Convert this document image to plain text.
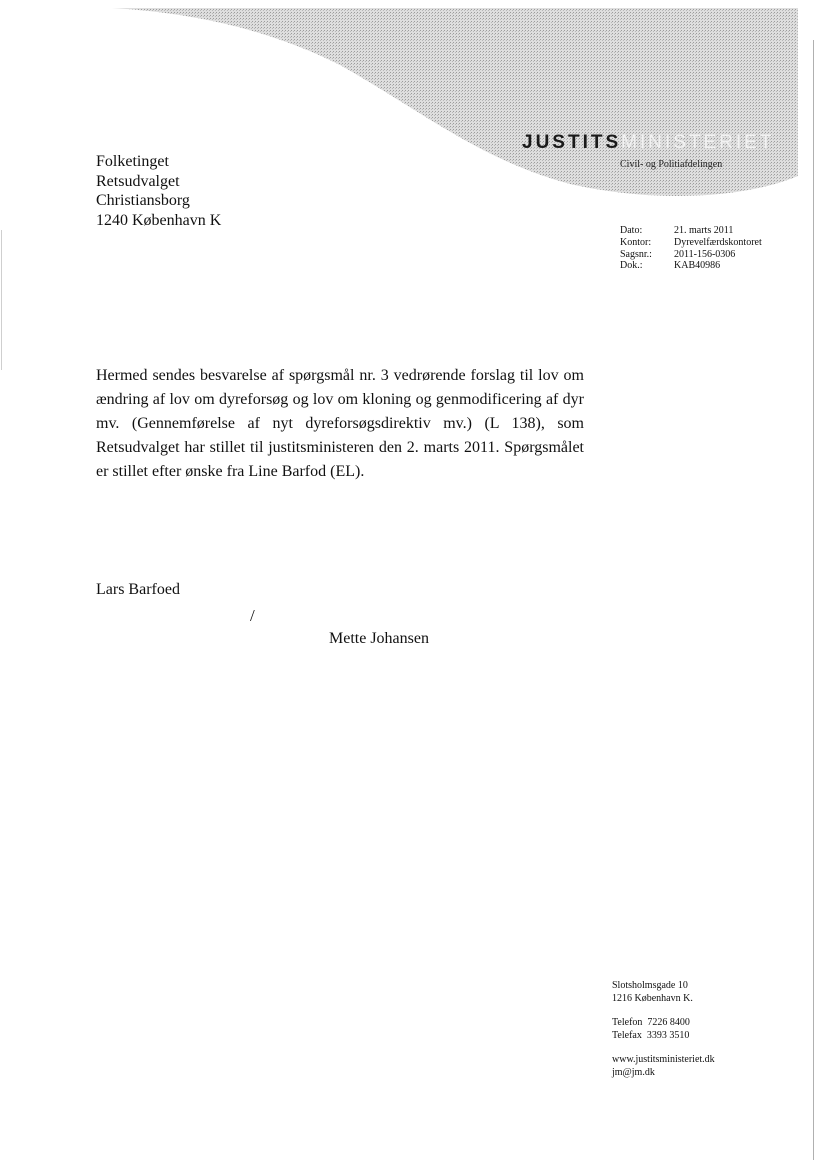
JUSTITSMINISTERIET
Civil- og Politiafdelingen
Folketinget
Retsudvalget
Christiansborg
1240 København K
Dato:	21. marts 2011
Kontor:	Dyrevelfærdskontoret
Sagsnr.:	2011-156-0306
Dok.:	KAB40986
Hermed sendes besvarelse af spørgsmål nr. 3 vedrørende forslag til lov om ændring af lov om dyreforsøg og lov om kloning og genmodificering af dyr mv. (Gennemførelse af nyt dyreforsøgsdirektiv mv.) (L 138), som Retsudvalget har stillet til justitsministeren den 2. marts 2011. Spørgsmålet er stillet efter ønske fra Line Barfod (EL).
Lars Barfoed
/
Mette Johansen
Slotsholmsgade 10
1216 København K.
Telefon 7226 8400
Telefax 3393 3510
www.justitsministeriet.dk
jm@jm.dk
